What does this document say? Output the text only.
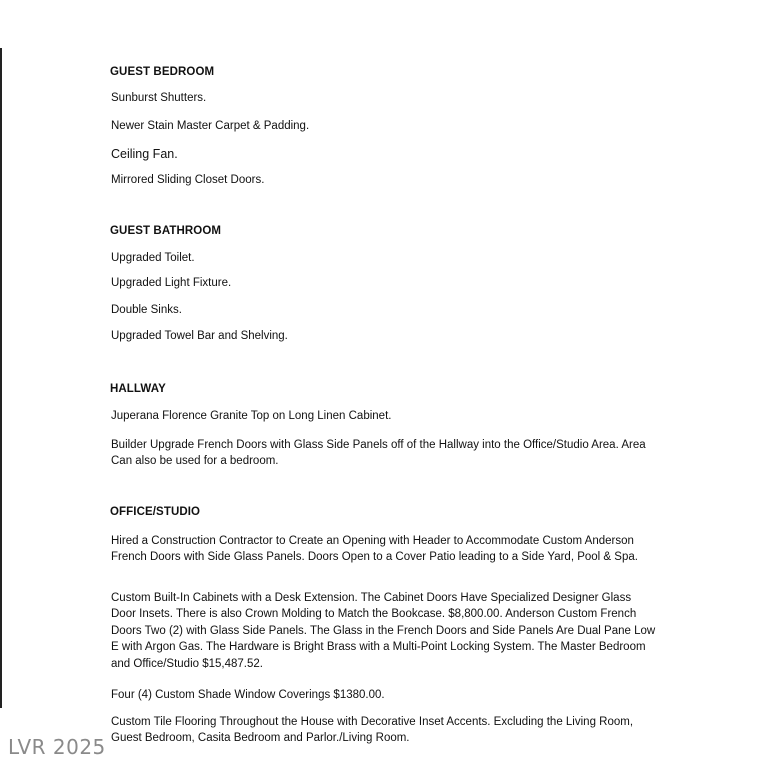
GUEST BEDROOM
Sunburst Shutters.
Newer Stain Master Carpet & Padding.
Ceiling Fan.
Mirrored Sliding Closet Doors.
GUEST BATHROOM
Upgraded Toilet.
Upgraded Light Fixture.
Double Sinks.
Upgraded Towel Bar and Shelving.
HALLWAY
Juperana Florence Granite Top on Long Linen Cabinet.
Builder Upgrade French Doors with Glass Side Panels off of the Hallway into the Office/Studio Area. Area Can also be used for a bedroom.
OFFICE/STUDIO
Hired a Construction Contractor to Create an Opening with Header to Accommodate Custom Anderson French Doors with Side Glass Panels. Doors Open to a Cover Patio leading to a Side Yard, Pool & Spa.
Custom Built-In Cabinets with a Desk Extension. The Cabinet Doors Have Specialized Designer Glass Door Insets. There is also Crown Molding to Match the Bookcase. $8,800.00. Anderson Custom French Doors Two (2) with Glass Side Panels. The Glass in the French Doors and Side Panels Are Dual Pane Low E with Argon Gas. The Hardware is Bright Brass with a Multi-Point Locking System. The Master Bedroom and Office/Studio $15,487.52.
Four (4) Custom Shade Window Coverings $1380.00.
Custom Tile Flooring Throughout the House with Decorative Inset Accents. Excluding the Living Room, Guest Bedroom, Casita Bedroom and Parlor./Living Room.
LVR 2025
